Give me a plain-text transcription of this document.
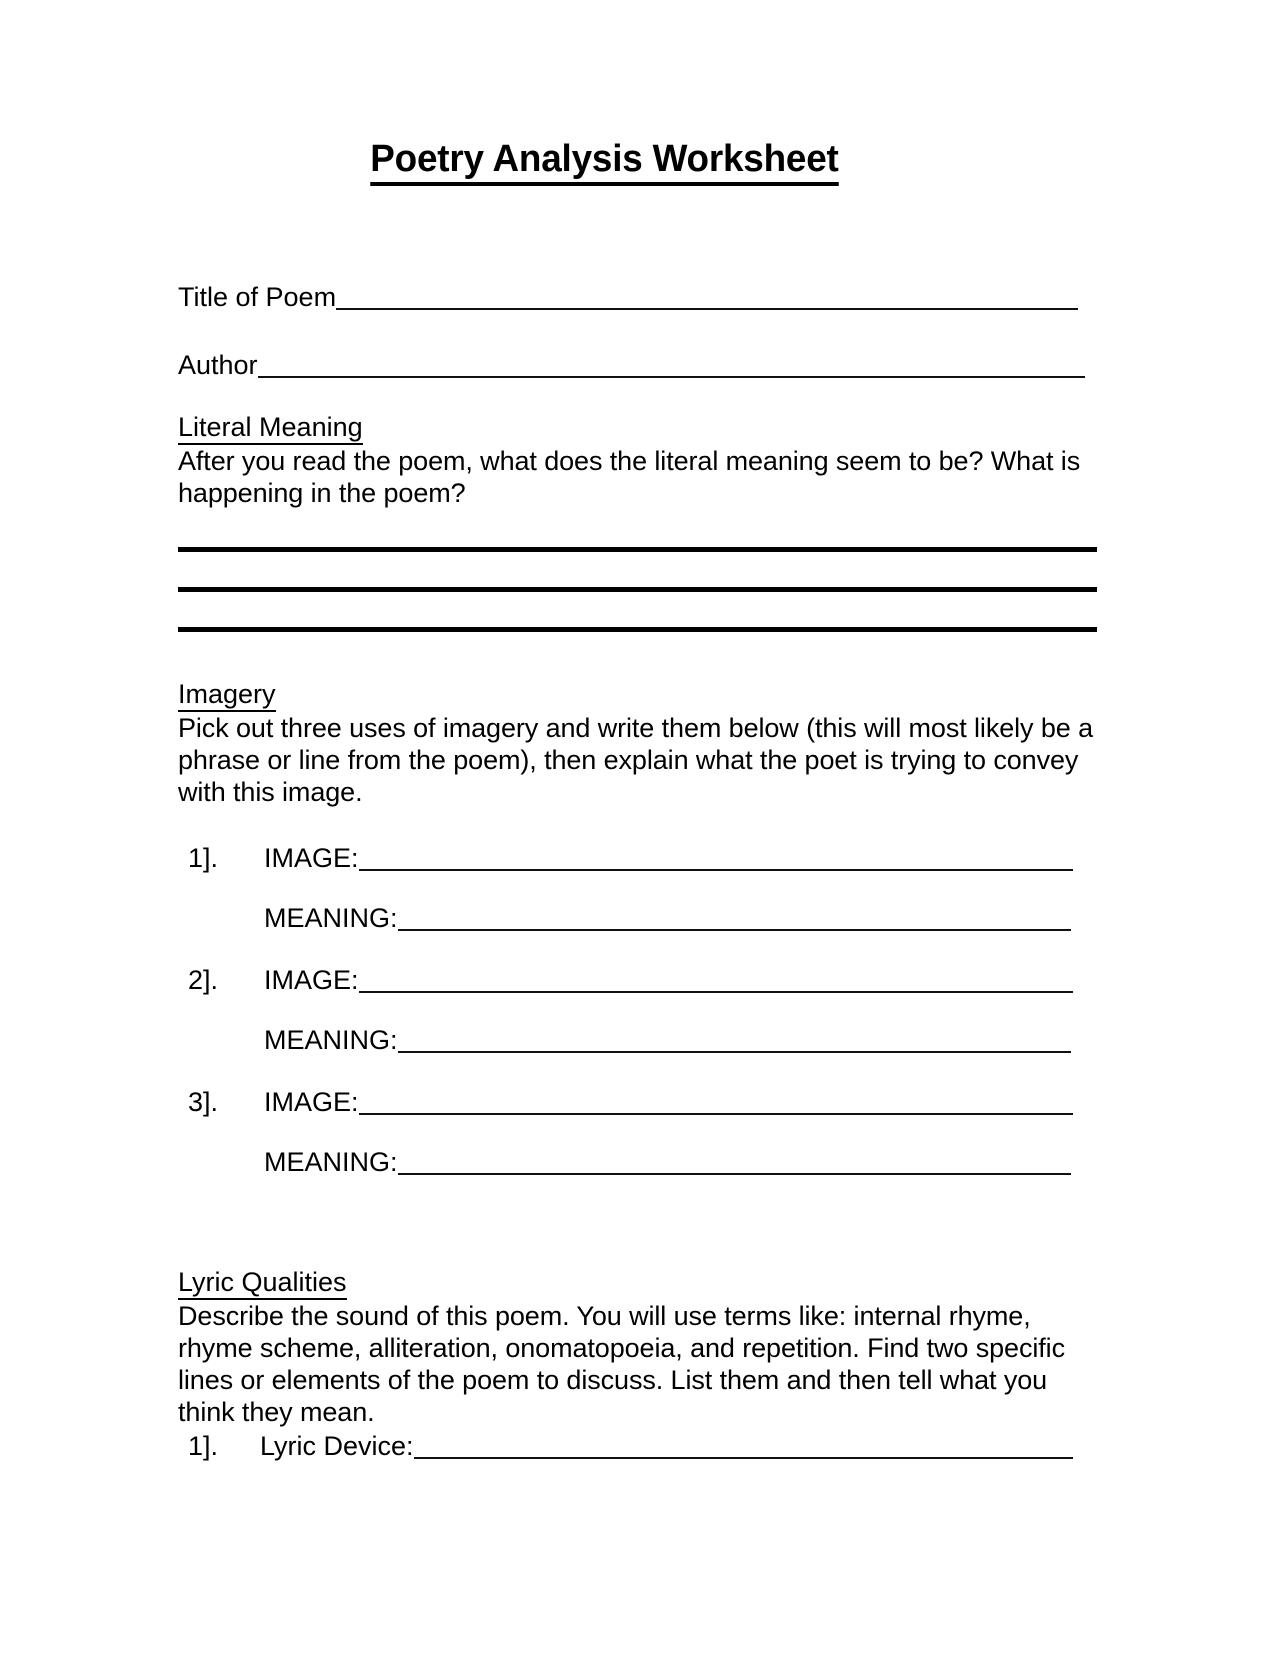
Poetry Analysis Worksheet
Title of Poem
Author
Literal Meaning
After you read the poem, what does the literal meaning seem to be? What is happening in the poem?
Imagery
Pick out three uses of imagery and write them below (this will most likely be a phrase or line from the poem), then explain what the poet is trying to convey with this image.
1].	IMAGE:
MEANING:
2].	IMAGE:
MEANING:
3].	IMAGE:
MEANING:
Lyric Qualities
Describe the sound of this poem. You will use terms like: internal rhyme, rhyme scheme, alliteration, onomatopoeia, and repetition. Find two specific lines or elements of the poem to discuss. List them and then tell what you think they mean.
1].	Lyric Device:
